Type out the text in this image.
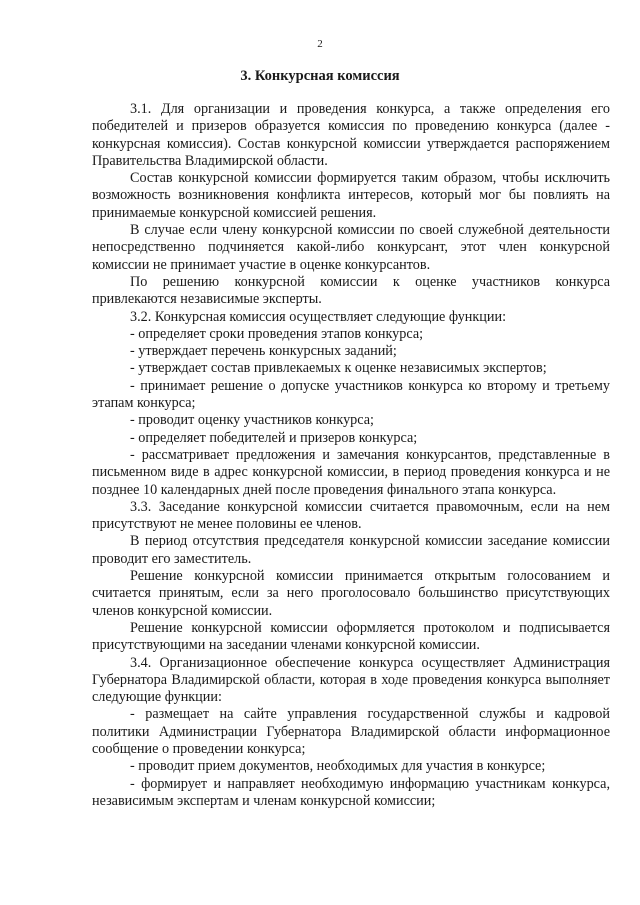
2
3. Конкурсная комиссия

3.1. Для организации и проведения конкурса, а также определения его победителей и призеров образуется комиссия по проведению конкурса (далее - конкурсная комиссия). Состав конкурсной комиссии утверждается распоряжением Правительства Владимирской области.

Состав конкурсной комиссии формируется таким образом, чтобы исключить возможность возникновения конфликта интересов, который мог бы повлиять на принимаемые конкурсной комиссией решения.

В случае если члену конкурсной комиссии по своей служебной деятельности непосредственно подчиняется какой-либо конкурсант, этот член конкурсной комиссии не принимает участие в оценке конкурсантов.

По решению конкурсной комиссии к оценке участников конкурса привлекаются независимые эксперты.

3.2. Конкурсная комиссия осуществляет следующие функции:

- определяет сроки проведения этапов конкурса;

- утверждает перечень конкурсных заданий;

- утверждает состав привлекаемых к оценке независимых экспертов;

- принимает решение о допуске участников конкурса ко второму и третьему этапам конкурса;

- проводит оценку участников конкурса;

- определяет победителей и призеров конкурса;

- рассматривает предложения и замечания конкурсантов, представленные в письменном виде в адрес конкурсной комиссии, в период проведения конкурса и не позднее 10 календарных дней после проведения финального этапа конкурса.

3.3. Заседание конкурсной комиссии считается правомочным, если на нем присутствуют не менее половины ее членов.

В период отсутствия председателя конкурсной комиссии заседание комиссии проводит его заместитель.

Решение конкурсной комиссии принимается открытым голосованием и считается принятым, если за него проголосовало большинство присутствующих членов конкурсной комиссии.

Решение конкурсной комиссии оформляется протоколом и подписывается присутствующими на заседании членами конкурсной комиссии.

3.4. Организационное обеспечение конкурса осуществляет Администрация Губернатора Владимирской области, которая в ходе проведения конкурса выполняет следующие функции:

- размещает на сайте управления государственной службы и кадровой политики Администрации Губернатора Владимирской области информационное сообщение о проведении конкурса;

- проводит прием документов, необходимых для участия в конкурсе;

- формирует и направляет необходимую информацию участникам конкурса, независимым экспертам и членам конкурсной комиссии;
